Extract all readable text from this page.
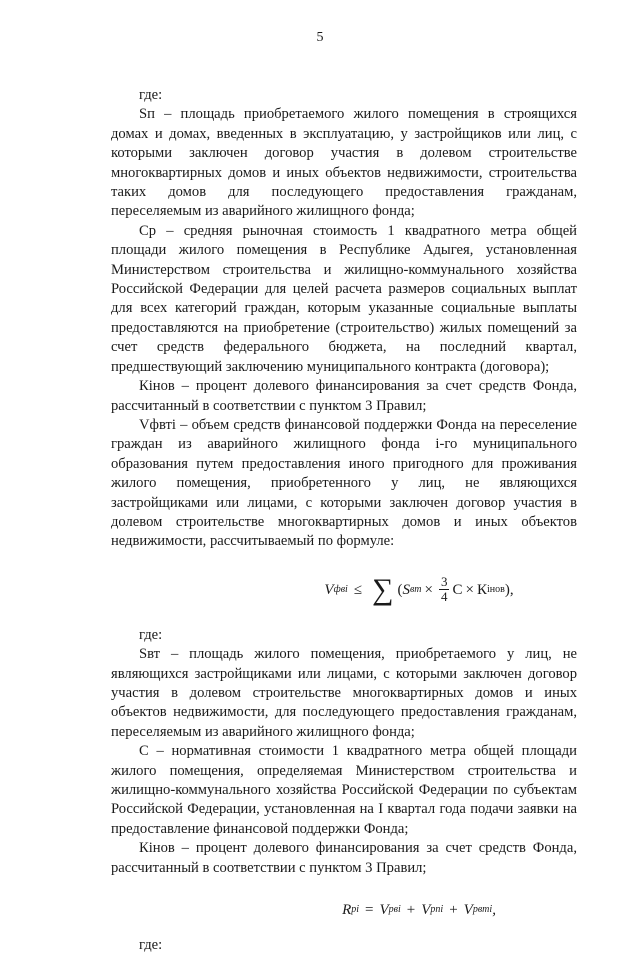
5

где:

Sп – площадь приобретаемого жилого помещения в строящихся домах и домах, введенных в эксплуатацию, у застройщиков или лиц, с которыми заключен договор участия в долевом строительстве многоквартирных домов и иных объектов недвижимости, строительства таких домов для последующего предоставления гражданам, переселяемым из аварийного жилищного фонда;

Ср – средняя рыночная стоимость 1 квадратного метра общей площади жилого помещения в Республике Адыгея, установленная Министерством строительства и жилищно-коммунального хозяйства Российской Федерации для целей расчета размеров социальных выплат для всех категорий граждан, которым указанные социальные выплаты предоставляются на приобретение (строительство) жилых помещений за счет средств федерального бюджета, на последний квартал, предшествующий заключению муниципального контракта (договора);

Кiнов – процент долевого финансирования за счет средств Фонда, рассчитанный в соответствии с пунктом 3 Правил;

Vфвтi – объем средств финансовой поддержки Фонда на переселение граждан из аварийного жилищного фонда i-го муниципального образования путем предоставления иного пригодного для проживания жилого помещения, приобретенного у лиц, не являющихся застройщиками или лицами, с которыми заключен договор участия в долевом строительстве многоквартирных домов и иных объектов недвижимости, рассчитываемый по формуле:

V фвi ≤ ∑ ( S вт × $\frac{3}{4}$ C × К iнов ),

где:

Sвт – площадь жилого помещения, приобретаемого у лиц, не являющихся застройщиками или лицами, с которыми заключен договор участия в долевом строительстве многоквартирных домов и иных объектов недвижимости, для последующего предоставления гражданам, переселяемым из аварийного жилищного фонда;

С – нормативная стоимости 1 квадратного метра общей площади жилого помещения, определяемая Министерством строительства и жилищно-коммунального хозяйства Российской Федерации по субъектам Российской Федерации, установленная на I квартал года подачи заявки на предоставление финансовой поддержки Фонда;

Кiнов – процент долевого финансирования за счет средств Фонда, рассчитанный в соответствии с пунктом 3 Правил;

R pi = V pвi + V pпi + V pвтi ,

где:
